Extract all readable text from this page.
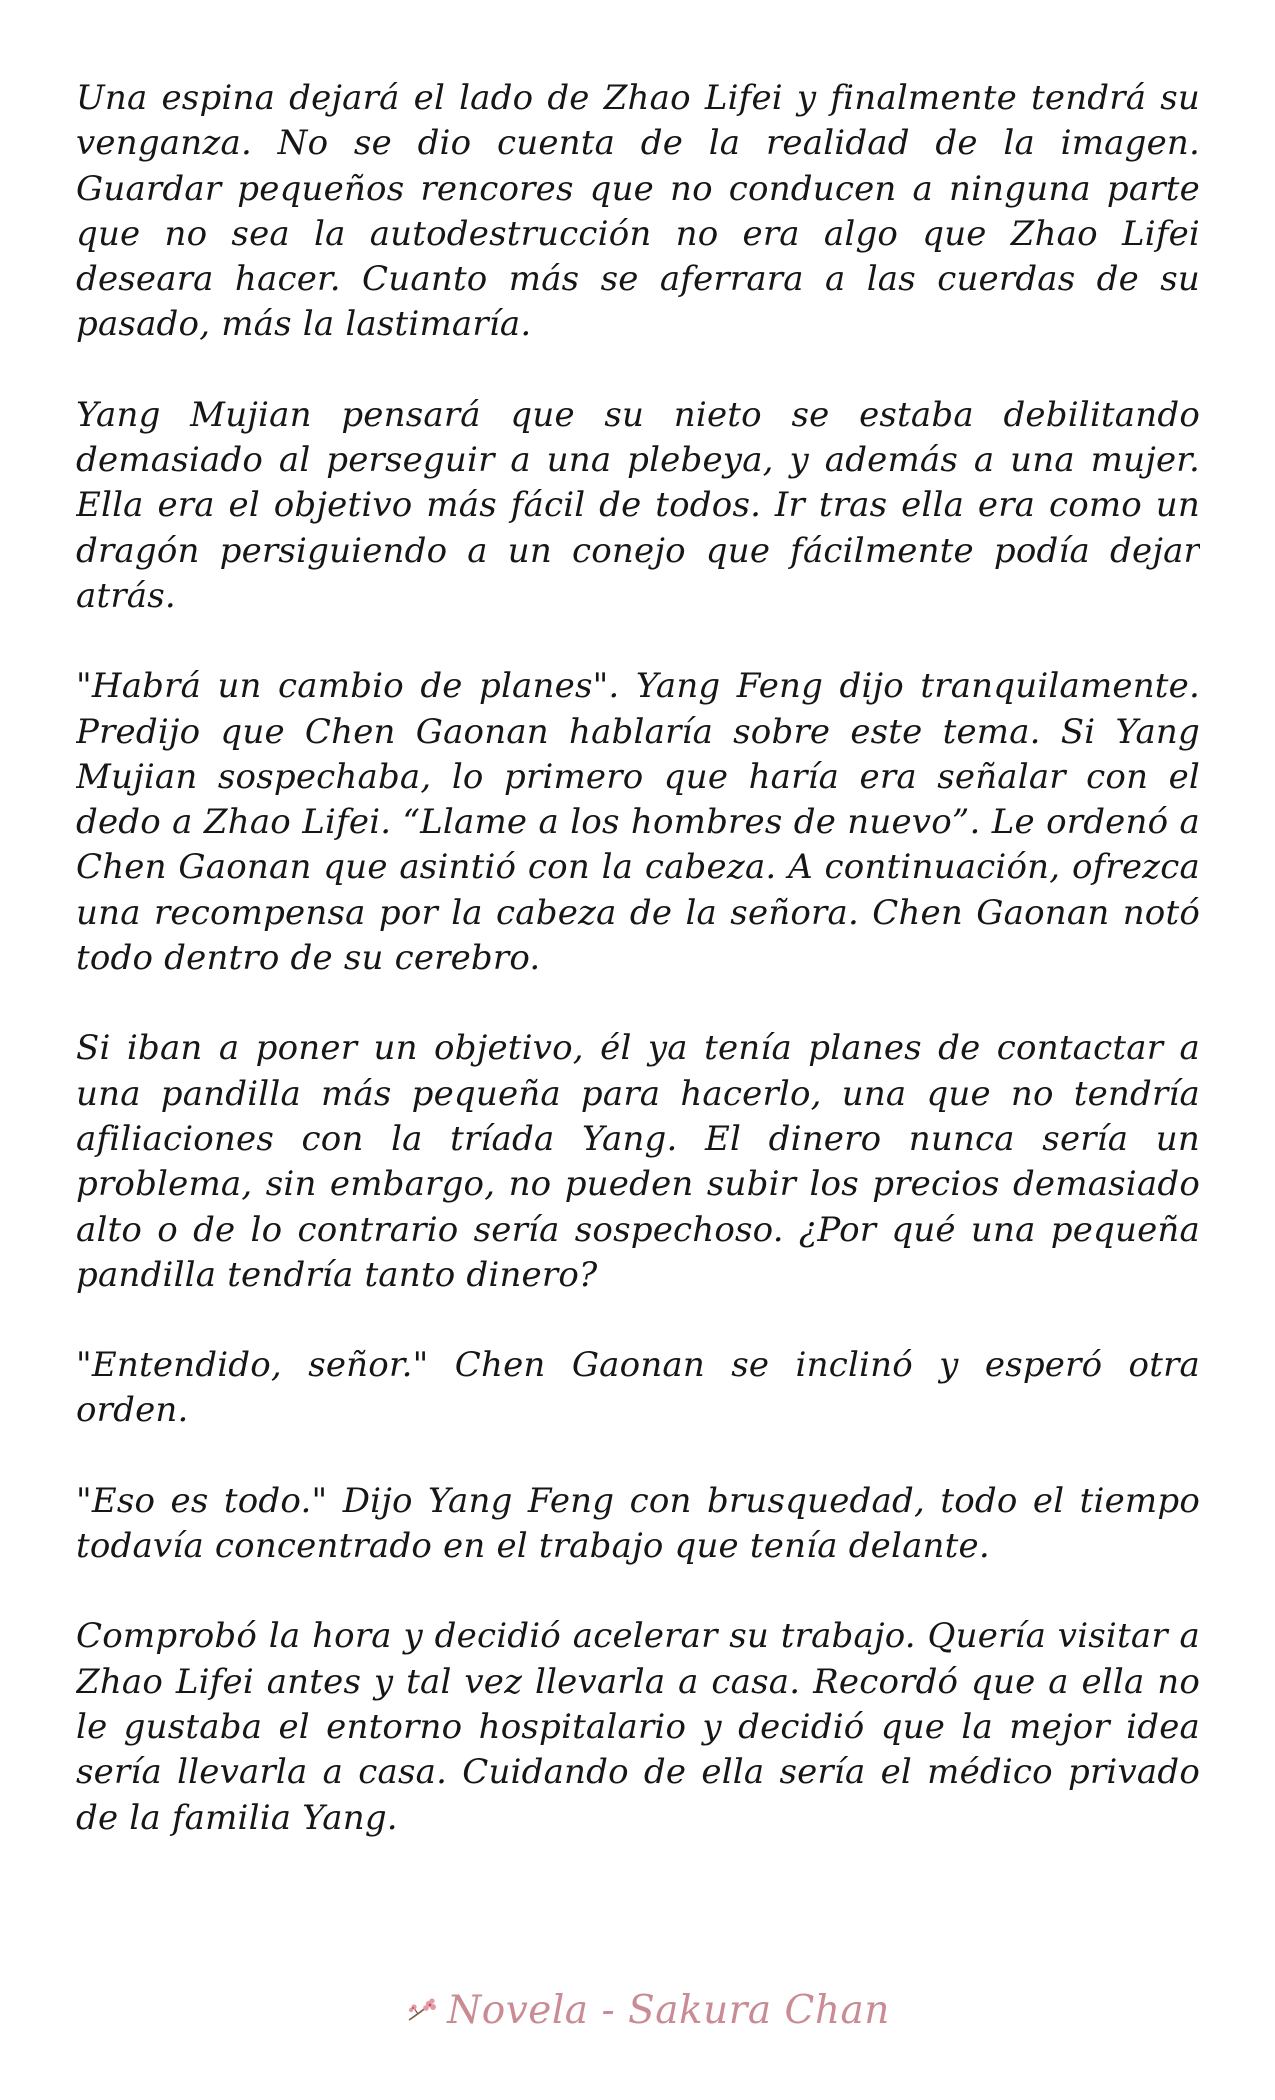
Una espina dejará el lado de Zhao Lifei y finalmente tendrá su venganza. No se dio cuenta de la realidad de la imagen. Guardar pequeños rencores que no conducen a ninguna parte que no sea la autodestrucción no era algo que Zhao Lifei deseara hacer. Cuanto más se aferrara a las cuerdas de su pasado, más la lastimaría.

Yang Mujian pensará que su nieto se estaba debilitando demasiado al perseguir a una plebeya, y además a una mujer. Ella era el objetivo más fácil de todos. Ir tras ella era como un dragón persiguiendo a un conejo que fácilmente podía dejar atrás.

"Habrá un cambio de planes". Yang Feng dijo tranquilamente. Predijo que Chen Gaonan hablaría sobre este tema. Si Yang Mujian sospechaba, lo primero que haría era señalar con el dedo a Zhao Lifei. “Llame a los hombres de nuevo”. Le ordenó a Chen Gaonan que asintió con la cabeza. A continuación, ofrezca una recompensa por la cabeza de la señora. Chen Gaonan notó todo dentro de su cerebro.

Si iban a poner un objetivo, él ya tenía planes de contactar a una pandilla más pequeña para hacerlo, una que no tendría afiliaciones con la tríada Yang. El dinero nunca sería un problema, sin embargo, no pueden subir los precios demasiado alto o de lo contrario sería sospechoso. ¿Por qué una pequeña pandilla tendría tanto dinero?

"Entendido, señor." Chen Gaonan se inclinó y esperó otra orden.

"Eso es todo." Dijo Yang Feng con brusquedad, todo el tiempo todavía concentrado en el trabajo que tenía delante.

Comprobó la hora y decidió acelerar su trabajo. Quería visitar a Zhao Lifei antes y tal vez llevarla a casa. Recordó que a ella no le gustaba el entorno hospitalario y decidió que la mejor idea sería llevarla a casa. Cuidando de ella sería el médico privado de la familia Yang.

Novela - Sakura Chan
